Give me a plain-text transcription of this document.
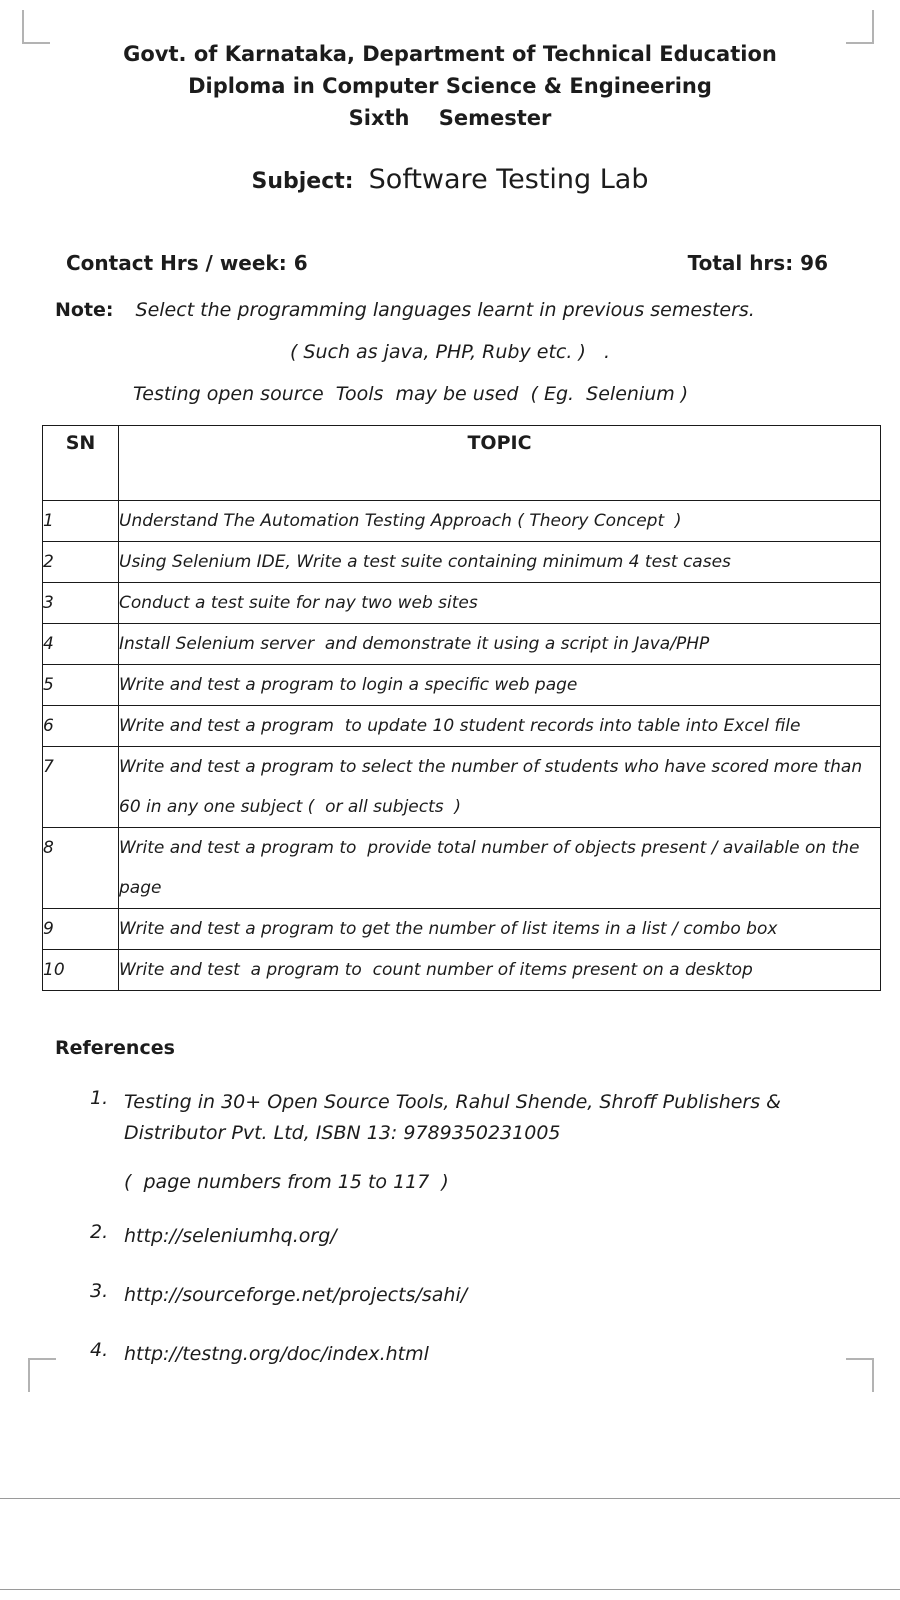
Govt. of Karnataka, Department of Technical Education
Diploma in Computer Science & Engineering
Sixth    Semester
Subject: Software Testing Lab
Contact Hrs / week: 6	Total hrs: 96
Note: Select the programming languages learnt in previous semesters.
( Such as java, PHP, Ruby etc. )   .
Testing open source  Tools  may be used  ( Eg.  Selenium )
SN	TOPIC
1	Understand The Automation Testing Approach ( Theory Concept  )
2	Using Selenium IDE, Write a test suite containing minimum 4 test cases
3	Conduct a test suite for nay two web sites
4	Install Selenium server  and demonstrate it using a script in Java/PHP
5	Write and test a program to login a specific web page
6	Write and test a program  to update 10 student records into table into Excel file
7	Write and test a program to select the number of students who have scored more than 60 in any one subject (  or all subjects  )
8	Write and test a program to  provide total number of objects present / available on the page
9	Write and test a program to get the number of list items in a list / combo box
10	Write and test  a program to  count number of items present on a desktop
References
1. Testing in 30+ Open Source Tools, Rahul Shende, Shroff Publishers &
Distributor Pvt. Ltd, ISBN 13: 9789350231005
(  page numbers from 15 to 117  )
2. http://seleniumhq.org/
3. http://sourceforge.net/projects/sahi/
4. http://testng.org/doc/index.html
